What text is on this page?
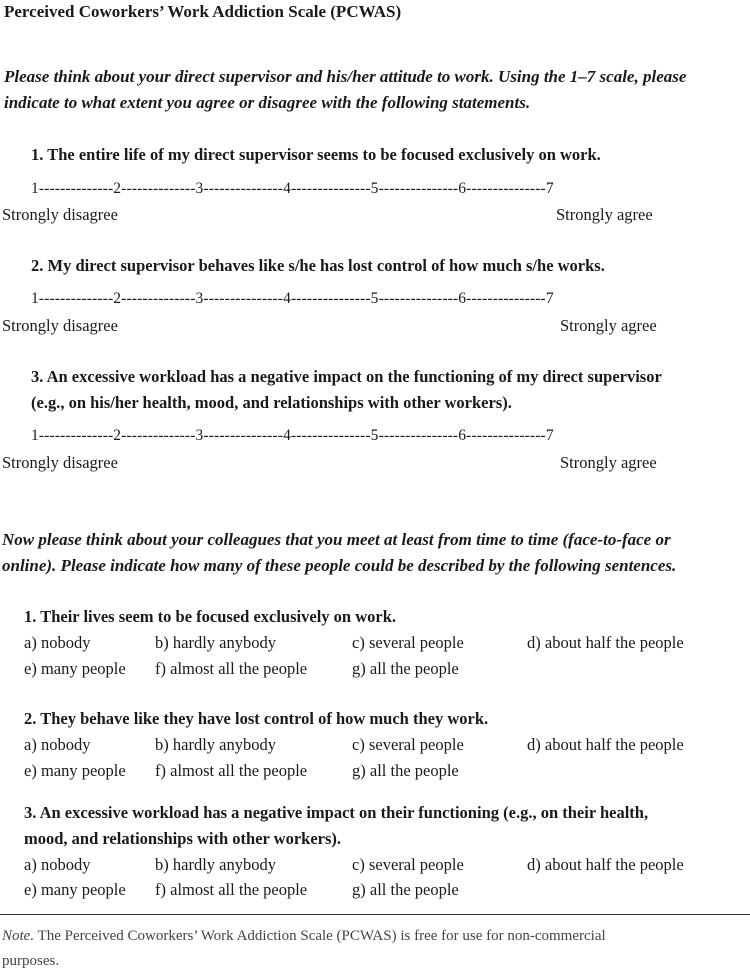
Perceived Coworkers’ Work Addiction Scale (PCWAS)
Please think about your direct supervisor and his/her attitude to work. Using the 1–7 scale, please
indicate to what extent you agree or disagree with the following statements.
1. The entire life of my direct supervisor seems to be focused exclusively on work.
1--------------2--------------3---------------4---------------5---------------6---------------7
Strongly disagree	Strongly agree
2. My direct supervisor behaves like s/he has lost control of how much s/he works.
1--------------2--------------3---------------4---------------5---------------6---------------7
Strongly disagree	Strongly agree
3. An excessive workload has a negative impact on the functioning of my direct supervisor
(e.g., on his/her health, mood, and relationships with other workers).
1--------------2--------------3---------------4---------------5---------------6---------------7
Strongly disagree	Strongly agree
Now please think about your colleagues that you meet at least from time to time (face-to-face or
online). Please indicate how many of these people could be described by the following sentences.
1. Their lives seem to be focused exclusively on work.
a) nobody	b) hardly anybody	c) several people	d) about half the people
e) many people f) almost all the people	g) all the people
2. They behave like they have lost control of how much they work.
a) nobody	b) hardly anybody	c) several people	d) about half the people
e) many people f) almost all the people	g) all the people
3. An excessive workload has a negative impact on their functioning (e.g., on their health,
mood, and relationships with other workers).
a) nobody	b) hardly anybody	c) several people	d) about half the people
e) many people f) almost all the people	g) all the people
Note. The Perceived Coworkers’ Work Addiction Scale (PCWAS) is free for use for non-commercial
purposes.
